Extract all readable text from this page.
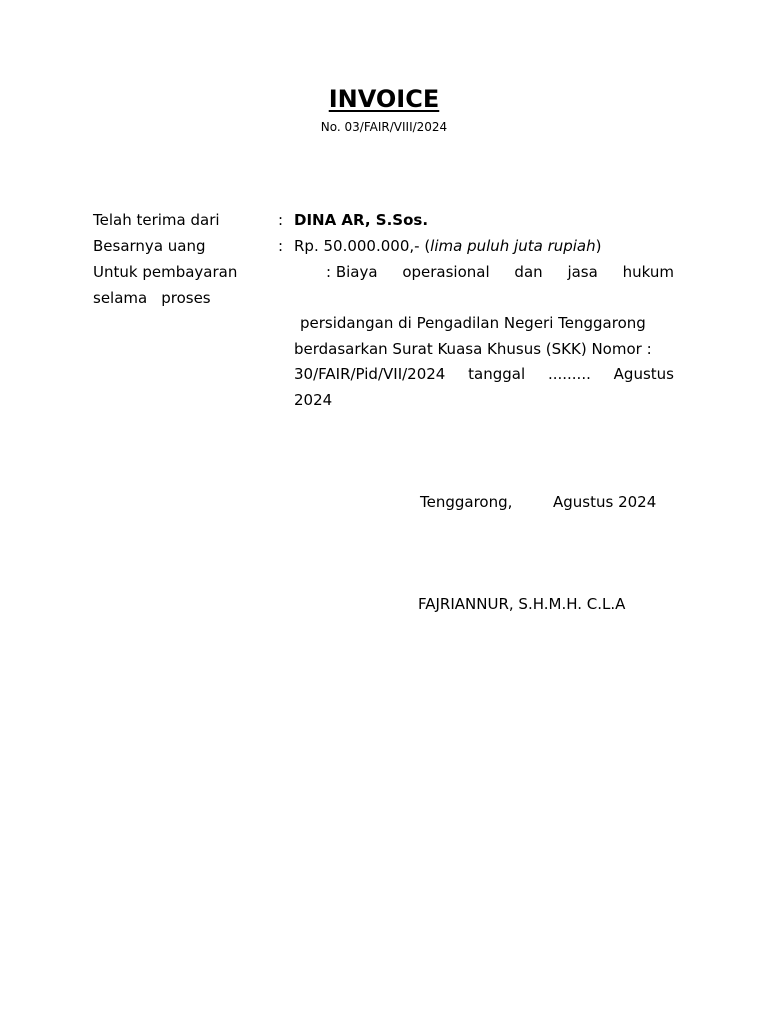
INVOICE
No. 03/FAIR/VIII/2024
Telah terima dari	: DINA AR, S.Sos.
Besarnya uang	: Rp. 50.000.000,- (lima puluh juta rupiah)
Untuk pembayaran	: Biaya operasional dan jasa hukum
selama proses
persidangan di Pengadilan Negeri Tenggarong
berdasarkan Surat Kuasa Khusus (SKK) Nomor :
30/FAIR/Pid/VII/2024 tanggal ......... Agustus
2024
Tenggarong,	Agustus 2024
FAJRIANNUR, S.H.M.H. C.L.A
